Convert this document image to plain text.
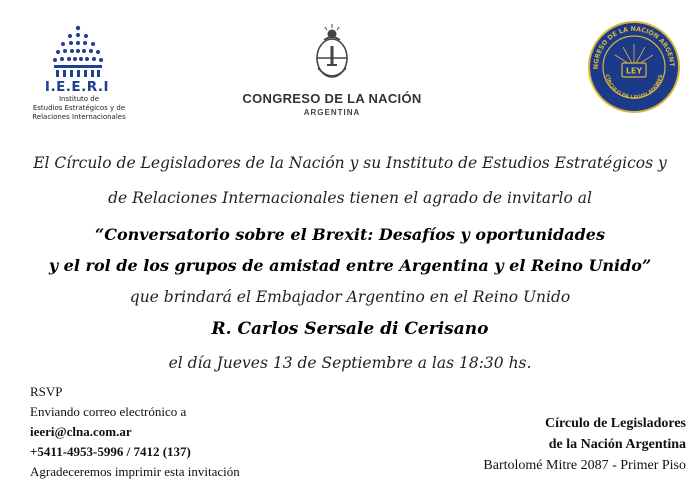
I.E.E.R.I
Instituto de
Estudios Estratégicos y de
Relaciones Internacionales
CONGRESO DE LA NACIÓN
ARGENTINA
NGRESO DE LA NACIÓN ARGENT
CÍRCULO DE LEGISLADORES
LEY
El Círculo de Legisladores de la Nación y su Instituto de Estudios Estratégicos y
de Relaciones Internacionales tienen el agrado de invitarlo al
“Conversatorio sobre el Brexit: Desafíos y oportunidades
y el rol de los grupos de amistad entre Argentina y el Reino Unido”
que brindará el Embajador Argentino en el Reino Unido
R. Carlos Sersale di Cerisano
el día Jueves 13 de Septiembre a las 18:30 hs.
RSVP
Enviando correo electrónico a
ieeri@clna.com.ar
+5411-4953-5996 / 7412 (137)
Agradeceremos imprimir esta invitación
Círculo de Legisladores
de la Nación Argentina
Bartolomé Mitre 2087 - Primer Piso
